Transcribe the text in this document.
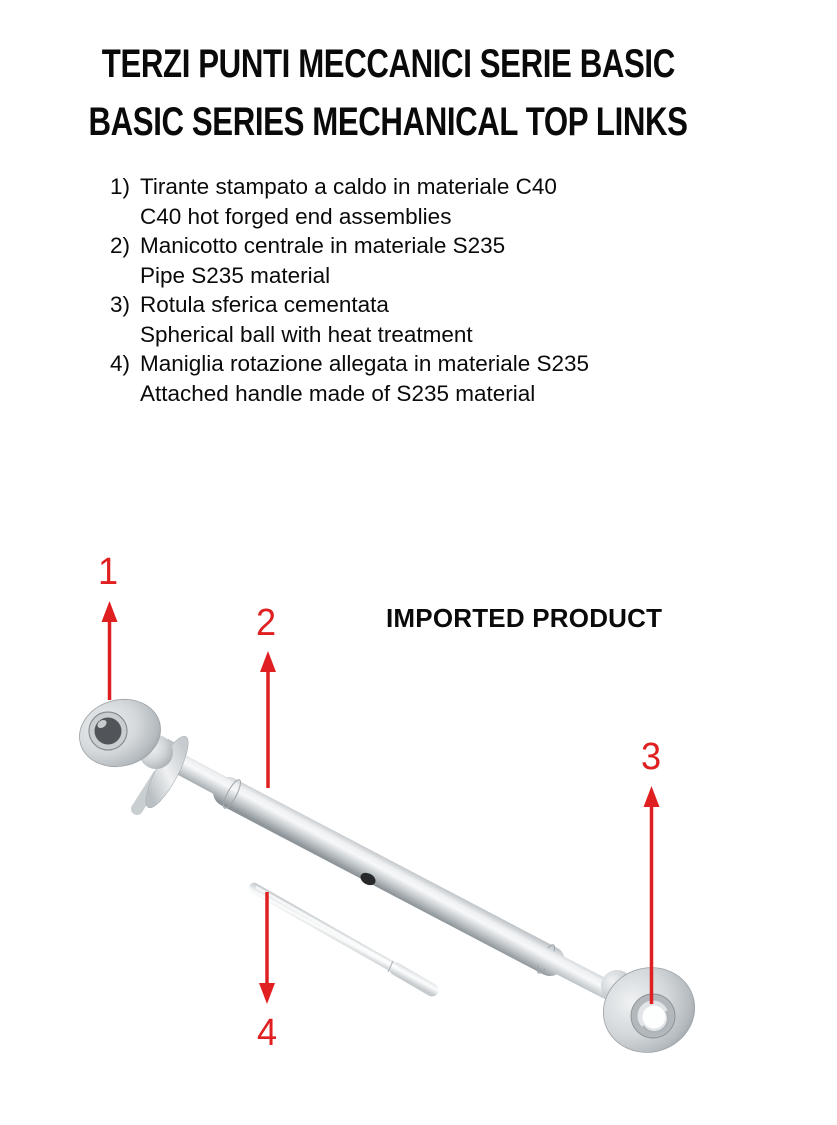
TERZI PUNTI MECCANICI SERIE BASIC
BASIC SERIES MECHANICAL TOP LINKS
1) Tirante stampato a caldo in materiale C40
C40 hot forged end assemblies
2) Manicotto centrale in materiale S235
Pipe S235 material
3) Rotula sferica cementata
Spherical ball with heat treatment
4) Maniglia rotazione allegata in materiale S235
Attached handle made of S235 material
IMPORTED PRODUCT
1
2
3
4
